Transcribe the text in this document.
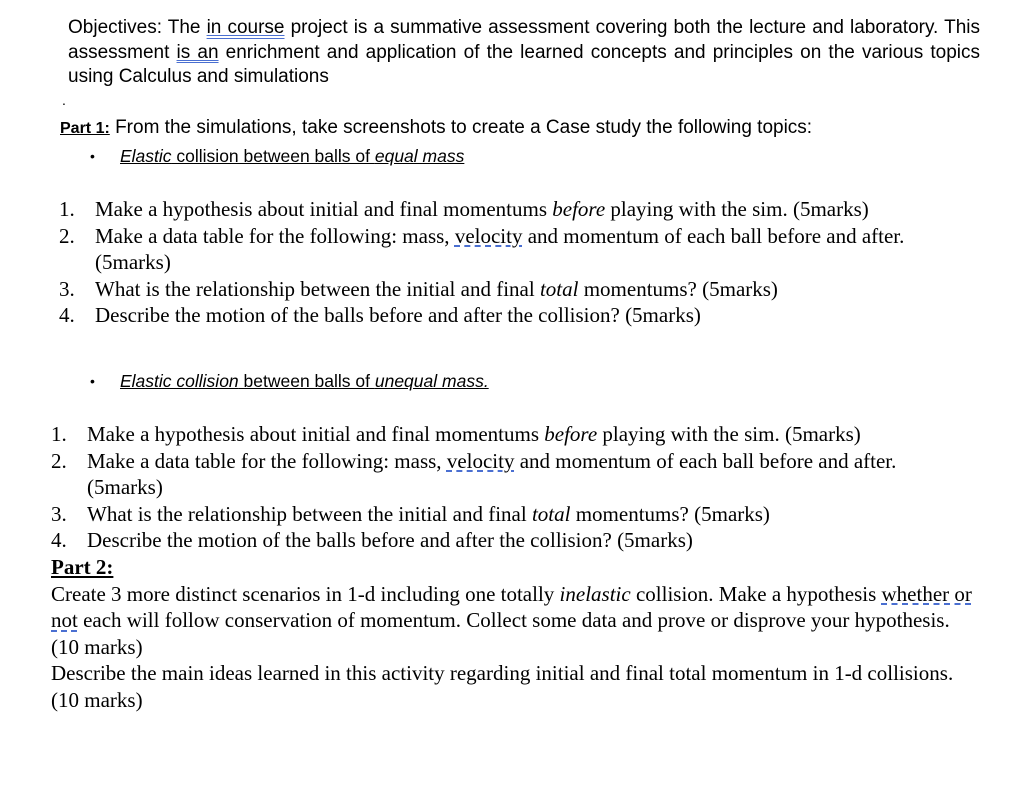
Objectives: The in course project is a summative assessment covering both the lecture and laboratory. This assessment is an enrichment and application of the learned concepts and principles on the various topics using Calculus and simulations
.
Part 1: From the simulations, take screenshots to create a Case study the following topics:
• Elastic collision between balls of equal mass
1. Make a hypothesis about initial and final momentums before playing with the sim. (5marks)
2. Make a data table for the following: mass, velocity and momentum of each ball before and after. (5marks)
3. What is the relationship between the initial and final total momentums? (5marks)
4. Describe the motion of the balls before and after the collision? (5marks)
• Elastic collision between balls of unequal mass.
1. Make a hypothesis about initial and final momentums before playing with the sim. (5marks)
2. Make a data table for the following: mass, velocity and momentum of each ball before and after. (5marks)
3. What is the relationship between the initial and final total momentums? (5marks)
4. Describe the motion of the balls before and after the collision? (5marks)
Part 2:
Create 3 more distinct scenarios in 1-d including one totally inelastic collision. Make a hypothesis whether or not each will follow conservation of momentum. Collect some data and prove or disprove your hypothesis. (10 marks)
Describe the main ideas learned in this activity regarding initial and final total momentum in 1-d collisions. (10 marks)
